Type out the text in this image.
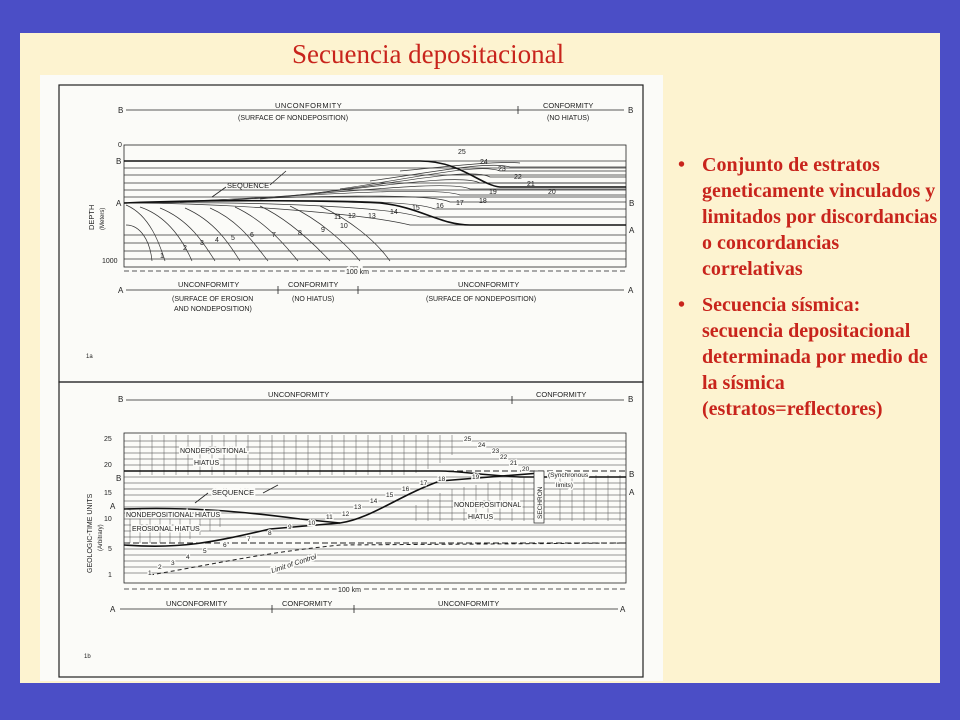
Secuencia depositacional
B	B
UNCONFORMITY
(SURFACE OF NONDEPOSITION)
CONFORMITY
(NO HIATUS)
0
1000
B
A	B
A
DEPTH (Meters)
SEQUENCE
1
2
3 4 5 6	7	8	9
10
11 12 13
14
15 16 17 18
19	20
21
22
23
24
25
100 km
A	A
UNCONFORMITY
(SURFACE OF EROSION
AND NONDEPOSITION)
CONFORMITY
(NO HIATUS)
UNCONFORMITY
(SURFACE OF NONDEPOSITION)
1a
B	B
UNCONFORMITY	CONFORMITY
25
20
15
10
5
1
B
A
B
A
GEOLOGIC-TIME UNITS (Arbitrary)
NONDEPOSITIONAL
HIATUS
NONDEPOSITIONAL HIATUS
EROSIONAL HIATUS
NONDEPOSITIONAL
HIATUS
SEQUENCE	SECHRON
(Synchronous
limits)
Limit of Control
1
2
3
4
5
6
7
8
9
10
11 12
13
14
15
16
17
18	19
20
21
22
23
24
25
100 km
A	A
UNCONFORMITY	CONFORMITY	UNCONFORMITY
1b
• Conjunto de estratos geneticamente vinculados y limitados por discordancias o concordancias correlativas
• Secuencia sísmica: secuencia depositacional determinada por medio de la sísmica (estratos=reflectores)
